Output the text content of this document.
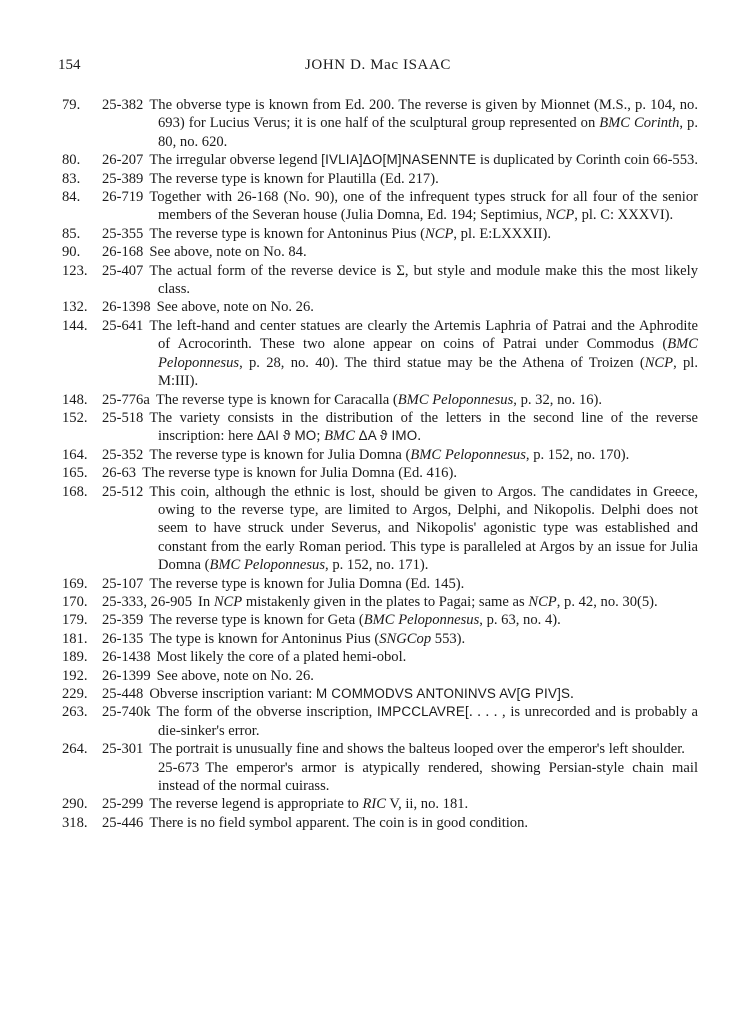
154	JOHN D. Mac ISAAC
79. 25-382 The obverse type is known from Ed. 200. The reverse is given by Mionnet (M.S., p. 104, no. 693) for Lucius Verus; it is one half of the sculptural group represented on BMC Corinth, p. 80, no. 620.
80. 26-207 The irregular obverse legend [IVLIA]ΔO[M]NASENNTE is duplicated by Corinth coin 66-553.
83. 25-389 The reverse type is known for Plautilla (Ed. 217).
84. 26-719 Together with 26-168 (No. 90), one of the infrequent types struck for all four of the senior members of the Severan house (Julia Domna, Ed. 194; Septimius, NCP, pl. C: XXXVI).
85. 25-355 The reverse type is known for Antoninus Pius (NCP, pl. E:LXXXII).
90. 26-168 See above, note on No. 84.
123. 25-407 The actual form of the reverse device is Σ, but style and module make this the most likely class.
132. 26-1398 See above, note on No. 26.
144. 25-641 The left-hand and center statues are clearly the Artemis Laphria of Patrai and the Aphrodite of Acrocorinth. These two alone appear on coins of Patrai under Commodus (BMC Peloponnesus, p. 28, no. 40). The third statue may be the Athena of Troizen (NCP, pl. M:III).
148. 25-776a The reverse type is known for Caracalla (BMC Peloponnesus, p. 32, no. 16).
152. 25-518 The variety consists in the distribution of the letters in the second line of the reverse inscription: here ΔAI ϑ MO; BMC ΔA ϑ IMO.
164. 25-352 The reverse type is known for Julia Domna (BMC Peloponnesus, p. 152, no. 170).
165. 26-63 The reverse type is known for Julia Domna (Ed. 416).
168. 25-512 This coin, although the ethnic is lost, should be given to Argos. The candidates in Greece, owing to the reverse type, are limited to Argos, Delphi, and Nikopolis. Delphi does not seem to have struck under Severus, and Nikopolis' agonistic type was established and constant from the early Roman period. This type is paralleled at Argos by an issue for Julia Domna (BMC Peloponnesus, p. 152, no. 171).
169. 25-107 The reverse type is known for Julia Domna (Ed. 145).
170. 25-333, 26-905 In NCP mistakenly given in the plates to Pagai; same as NCP, p. 42, no. 30(5).
179. 25-359 The reverse type is known for Geta (BMC Peloponnesus, p. 63, no. 4).
181. 26-135 The type is known for Antoninus Pius (SNGCop 553).
189. 26-1438 Most likely the core of a plated hemi-obol.
192. 26-1399 See above, note on No. 26.
229. 25-448 Obverse inscription variant: M COMMODVS ANTONINVS AV[G PIV]S.
263. 25-740k The form of the obverse inscription, IMPCCLAVRE[. . . . , is unrecorded and is probably a die-sinker's error.
264. 25-301 The portrait is unusually fine and shows the balteus looped over the emperor's left shoulder.
25-673 The emperor's armor is atypically rendered, showing Persian-style chain mail instead of the normal cuirass.
290. 25-299 The reverse legend is appropriate to RIC V, ii, no. 181.
318. 25-446 There is no field symbol apparent. The coin is in good condition.
